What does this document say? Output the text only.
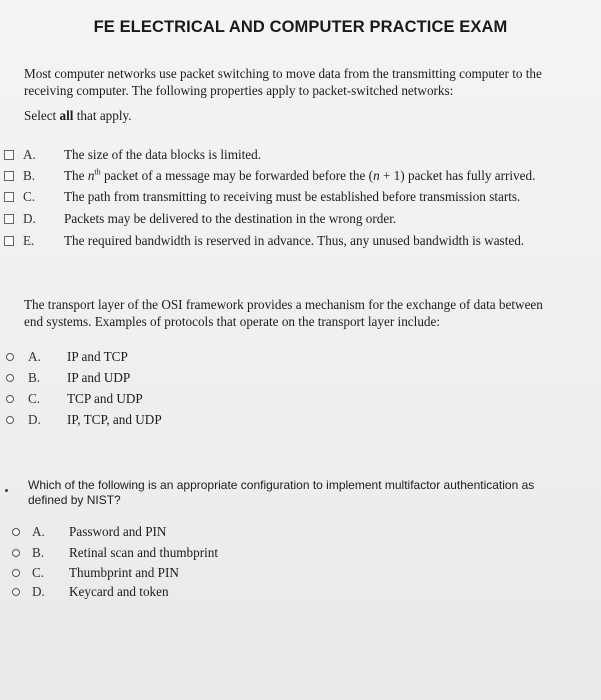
FE ELECTRICAL AND COMPUTER PRACTICE EXAM
Most computer networks use packet switching to move data from the transmitting computer to the receiving computer. The following properties apply to packet-switched networks:
Select all that apply.
A. The size of the data blocks is limited.
B. The $n^{th}$ packet of a message may be forwarded before the (n + 1) packet has fully arrived.
C. The path from transmitting to receiving must be established before transmission starts.
D. Packets may be delivered to the destination in the wrong order.
E. The required bandwidth is reserved in advance. Thus, any unused bandwidth is wasted.
The transport layer of the OSI framework provides a mechanism for the exchange of data between end systems. Examples of protocols that operate on the transport layer include:
A. IP and TCP
B. IP and UDP
C. TCP and UDP
D. IP, TCP, and UDP
Which of the following is an appropriate configuration to implement multifactor authentication as defined by NIST?
A. Password and PIN
B. Retinal scan and thumbprint
C. Thumbprint and PIN
D. Keycard and token
